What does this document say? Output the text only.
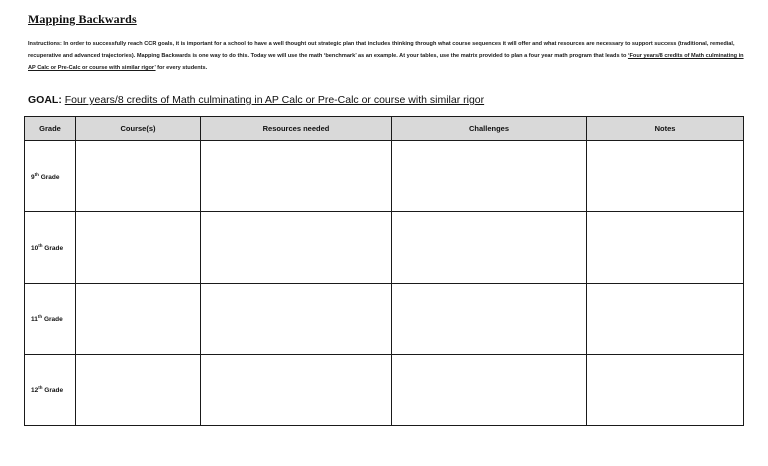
Mapping Backwards
Instructions: In order to successfully reach CCR goals, it is important for a school to have a well thought out strategic plan that includes thinking through what course sequences it will offer and what resources are necessary to support success (traditional, remedial, recuperative and advanced trajectories). Mapping Backwards is one way to do this. Today we will use the math ‘benchmark’ as an example. At your tables, use the matrix provided to plan a four year math program that leads to ‘Four years/8 credits of Math culminating in AP Calc or Pre-Calc or course with similar rigor’ for every students.
GOAL: Four years/8 credits of Math culminating in AP Calc or Pre-Calc or course with similar rigor
Grade	Course(s)	Resources needed	Challenges	Notes
9th Grade				
10th Grade				
11th Grade				
12th Grade				
